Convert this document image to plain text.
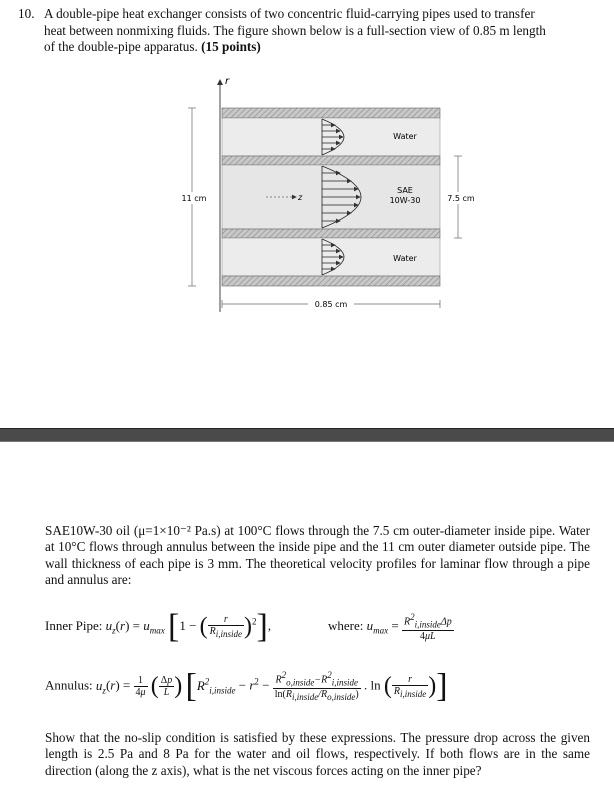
10. A double-pipe heat exchanger consists of two concentric fluid-carrying pipes used to transfer
heat between nonmixing fluids. The figure shown below is a full-section view of 0.85 m length
of the double-pipe apparatus. (15 points)
r
z
Water
SAE
10W-30
Water
11 cm	7.5 cm
0.85 cm
SAE10W-30 oil (μ=1×10⁻² Pa.s) at 100°C flows through the 7.5 cm outer-diameter inside pipe. Water at 10°C flows through annulus between the inside pipe and the 11 cm outer diameter outside pipe. The wall thickness of each pipe is 3 mm. The theoretical velocity profiles for laminar flow through a pipe and annulus are:
Inner Pipe: $u_z(r) = u_{max}$ [1 − ( $\frac{r}{R_{i,inside}} )^2$],	where: $u_{max} = \frac{R^2_{i,inside}\Delta p}{4\mu L}$
Annulus: $u_z(r) = \frac{1}{4\mu}$ ( $\frac{\Delta p}{L}$ ) [$R^2_{i,inside} - r^2 - \frac{R^2_{o,inside}-R^2_{i,inside}}{\ln(R_{i,inside}/R_{o,inside})}$ . ln ( $\frac{r}{R_{i,inside}}$ )]
Show that the no-slip condition is satisfied by these expressions. The pressure drop across the given length is 2.5 Pa and 8 Pa for the water and oil flows, respectively. If both flows are in the same direction (along the z axis), what is the net viscous forces acting on the inner pipe?
